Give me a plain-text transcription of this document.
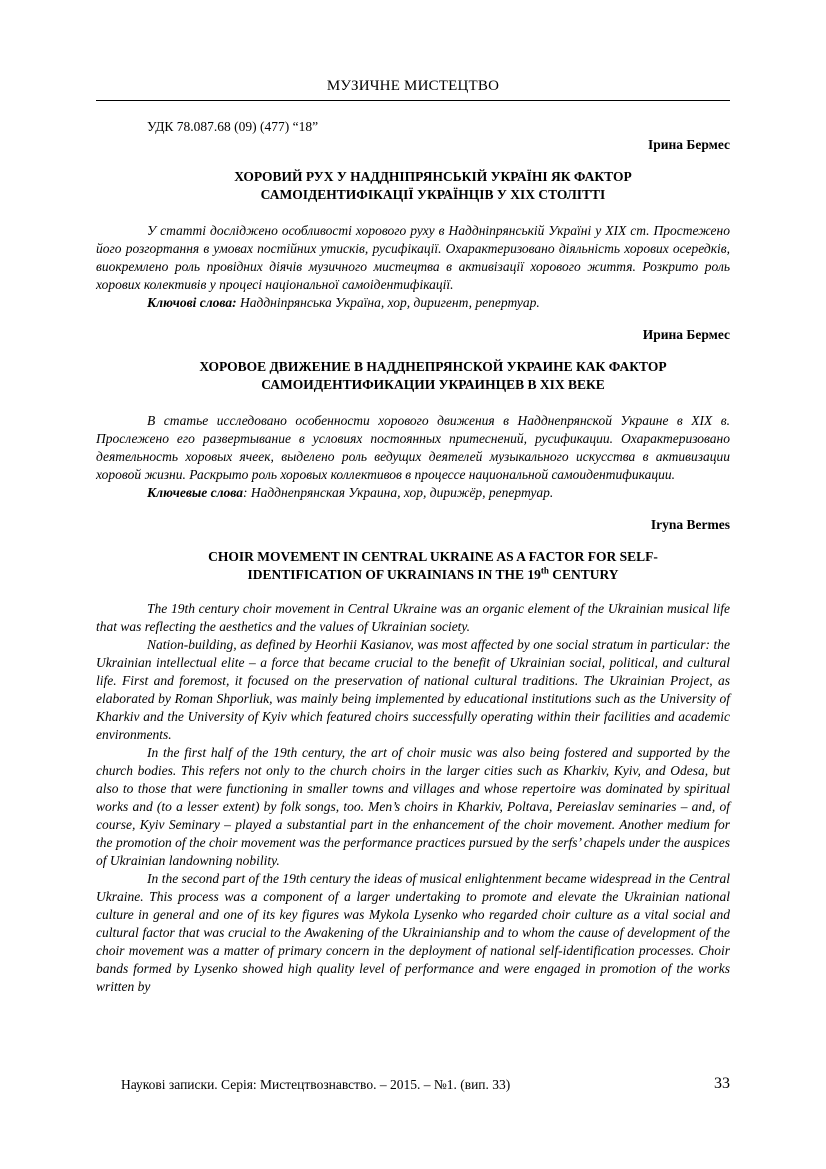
МУЗИЧНЕ МИСТЕЦТВО

УДК 78.087.68 (09) (477) “18”

Ірина Бермес

ХОРОВИЙ РУХ У НАДДНІПРЯНСЬКІЙ УКРАЇНІ ЯК ФАКТОР САМОІДЕНТИФІКАЦІЇ УКРАЇНЦІВ У ХІХ СТОЛІТТІ

У статті досліджено особливості хорового руху в Наддніпрянській Україні у ХІХ ст. Простежено його розгортання в умовах постійних утисків, русифікації. Охарактеризовано діяльність хорових осередків, виокремлено роль провідних діячів музичного мистецтва в активізації хорового життя. Розкрито роль хорових колективів у процесі національної самоідентифікації.

Ключові слова: Наддніпрянська Україна, хор, диригент, репертуар.

Ирина Бермес

ХОРОВОЕ ДВИЖЕНИЕ В НАДДНЕПРЯНСКОЙ УКРАИНЕ КАК ФАКТОР САМОИДЕНТИФИКАЦИИ УКРАИНЦЕВ В ХІХ ВЕКЕ

В статье исследовано особенности хорового движения в Надднепрянской Украине в ХІХ в. Прослежено его развертывание в условиях постоянных притеснений, русификации. Охарактеризовано деятельность хоровых ячеек, выделено роль ведущих деятелей музыкального искусства в активизации хоровой жизни. Раскрыто роль хоровых коллективов в процессе национальной самоидентификации.

Ключевые слова: Надднепрянская Украина, хор, дирижёр, репертуар.

Iryna Bermes

CHOIR MOVEMENT IN CENTRAL UKRAINE AS A FACTOR FOR SELF-IDENTIFICATION OF UKRAINIANS IN THE 19th CENTURY

The 19th century choir movement in Central Ukraine was an organic element of the Ukrainian musical life that was reflecting the aesthetics and the values of Ukrainian society.

Nation-building, as defined by Heorhii Kasianov, was most affected by one social stratum in particular: the Ukrainian intellectual elite – a force that became crucial to the benefit of Ukrainian social, political, and cultural life. First and foremost, it focused on the preservation of national cultural traditions. The Ukrainian Project, as elaborated by Roman Shporliuk, was mainly being implemented by educational institutions such as the University of Kharkiv and the University of Kyiv which featured choirs successfully operating within their facilities and academic environments.

In the first half of the 19th century, the art of choir music was also being fostered and supported by the church bodies. This refers not only to the church choirs in the larger cities such as Kharkiv, Kyiv, and Odesa, but also to those that were functioning in smaller towns and villages and whose repertoire was dominated by spiritual works and (to a lesser extent) by folk songs, too. Men’s choirs in Kharkiv, Poltava, Pereiaslav seminaries – and, of course, Kyiv Seminary – played a substantial part in the enhancement of the choir movement. Another medium for the promotion of the choir movement was the performance practices pursued by the serfs’ chapels under the auspices of Ukrainian landowning nobility.

In the second part of the 19th century the ideas of musical enlightenment became widespread in the Central Ukraine. This process was a component of a larger undertaking to promote and elevate the Ukrainian national culture in general and one of its key figures was Mykola Lysenko who regarded choir culture as a vital social and cultural factor that was crucial to the Awakening of the Ukrainianship and to whom the cause of development of the choir movement was a matter of primary concern in the deployment of national self-identification processes. Choir bands formed by Lysenko showed high quality level of performance and were engaged in promotion of the works written by

Наукові записки. Серія: Мистецтвознавство. – 2015. – №1. (вип. 33)	33
